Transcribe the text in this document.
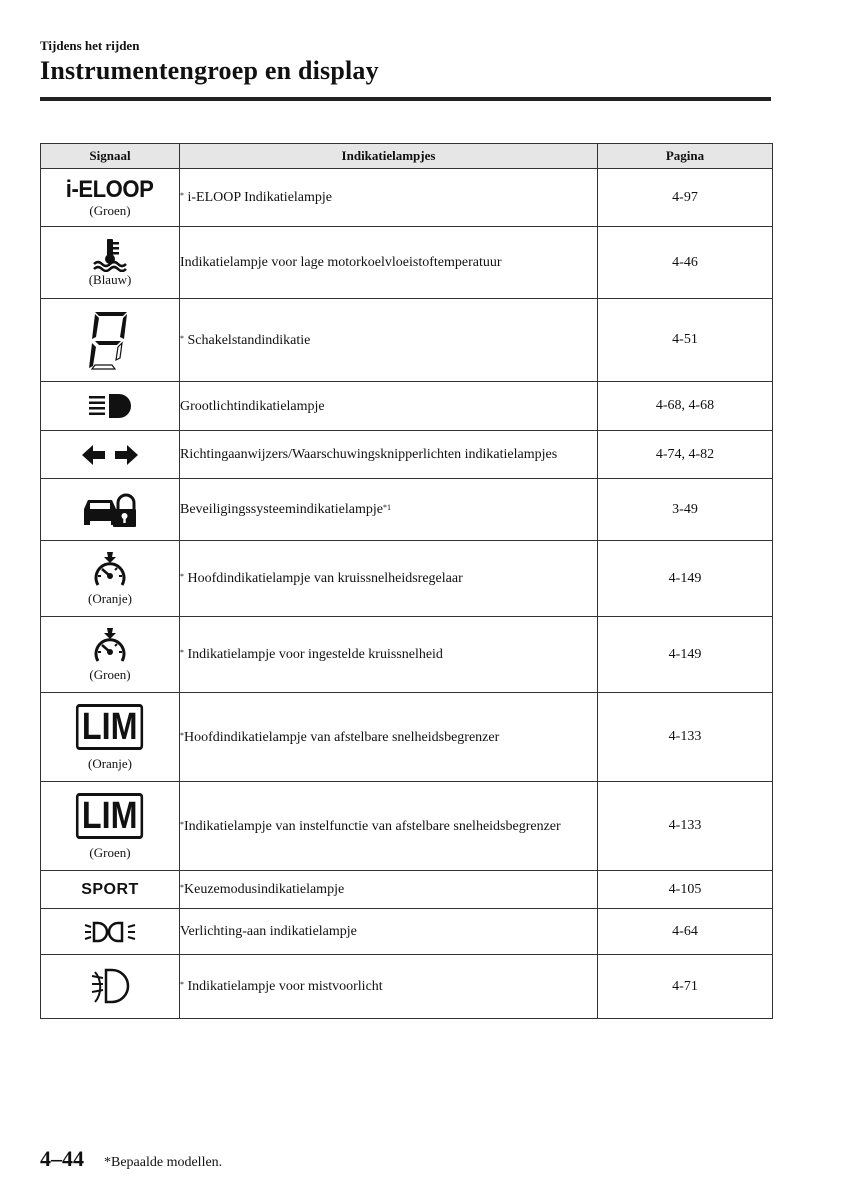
Tijdens het rijden
Instrumentengroep en display
Signaal	Indikatielampjes	Pagina

i-ELOOP
(Groen)	* i-ELOOP Indikatielampje	4-97

(Blauw)	Indikatielampje voor lage motorkoelvloeistoftemperatuur	4-46

	* Schakelstandindikatie	4-51

	Grootlichtindikatielampje	4-68, 4-68

	Richtingaanwijzers/Waarschuwingsknipperlichten indikatielampjes	4-74, 4-82

	Beveiligingssysteemindikatielampje$^{*1}$	3-49

(Oranje)	* Hoofdindikatielampje van kruissnelheidsregelaar	4-149

(Groen)	* Indikatielampje voor ingestelde kruissnelheid	4-149

LIM
(Oranje)	*Hoofdindikatielampje van afstelbare snelheidsbegrenzer	4-133

LIM
(Groen)	*Indikatielampje van instelfunctie van afstelbare snelheidsbegrenzer	4-133

SPORT	*Keuzemodusindikatielampje	4-105

	Verlichting-aan indikatielampje	4-64

	* Indikatielampje voor mistvoorlicht	4-71
4–44 *Bepaalde modellen.
